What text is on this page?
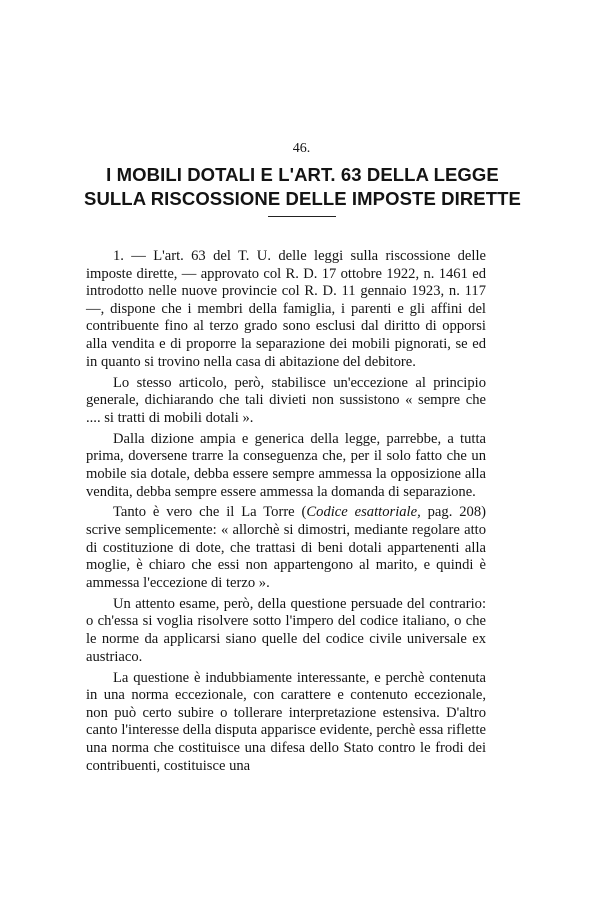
46.
I MOBILI DOTALI E L'ART. 63 DELLA LEGGE
SULLA RISCOSSIONE DELLE IMPOSTE DIRETTE

1. — L'art. 63 del T. U. delle leggi sulla riscossione delle imposte dirette, — approvato col R. D. 17 ottobre 1922, n. 1461 ed introdotto nelle nuove provincie col R. D. 11 gennaio 1923, n. 117 —, dispone che i membri della famiglia, i parenti e gli affini del contribuente fino al terzo grado sono esclusi dal diritto di opporsi alla vendita e di proporre la separazione dei mobili pignorati, se ed in quanto si trovino nella casa di abitazione del debitore.

Lo stesso articolo, però, stabilisce un'eccezione al principio generale, dichiarando che tali divieti non sussistono « sempre che .... si tratti di mobili dotali ».

Dalla dizione ampia e generica della legge, parrebbe, a tutta prima, doversene trarre la conseguenza che, per il solo fatto che un mobile sia dotale, debba essere sempre ammessa la opposizione alla vendita, debba sempre essere ammessa la domanda di separazione.

Tanto è vero che il La Torre (Codice esattoriale, pag. 208) scrive semplicemente: « allorchè si dimostri, mediante regolare atto di costituzione di dote, che trattasi di beni dotali appartenenti alla moglie, è chiaro che essi non appartengono al marito, e quindi è ammessa l'eccezione di terzo ».

Un attento esame, però, della questione persuade del contrario: o ch'essa si voglia risolvere sotto l'impero del codice italiano, o che le norme da applicarsi siano quelle del codice civile universale ex austriaco.

La questione è indubbiamente interessante, e perchè contenuta in una norma eccezionale, con carattere e contenuto eccezionale, non può certo subire o tollerare interpretazione estensiva. D'altro canto l'interesse della disputa apparisce evidente, perchè essa riflette una norma che costituisce una difesa dello Stato contro le frodi dei contribuenti, costituisce una
